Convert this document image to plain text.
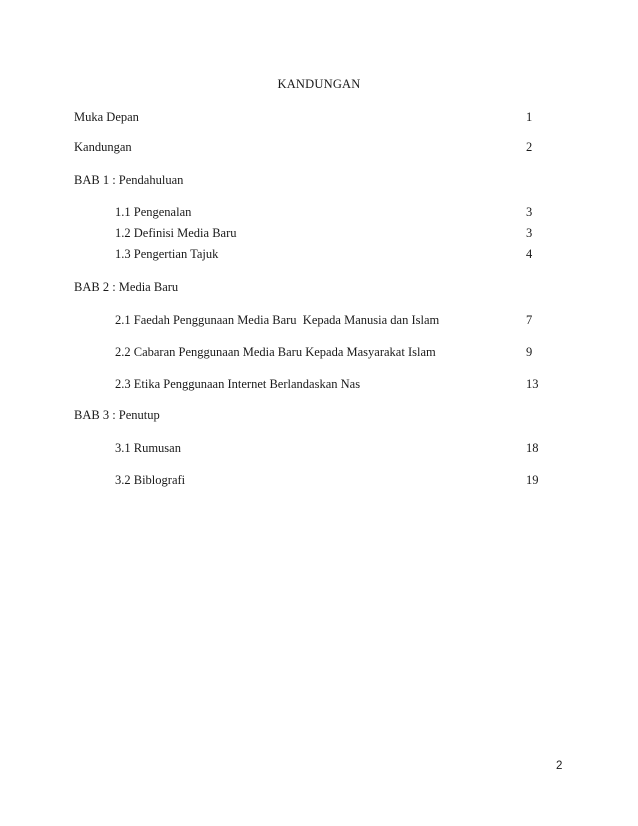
KANDUNGAN
Muka Depan	1
Kandungan	2
BAB 1 : Pendahuluan
1.1 Pengenalan	3
1.2 Definisi Media Baru	3
1.3 Pengertian Tajuk	4
BAB 2 : Media Baru
2.1 Faedah Penggunaan Media Baru  Kepada Manusia dan Islam	7
2.2 Cabaran Penggunaan Media Baru Kepada Masyarakat Islam	9
2.3 Etika Penggunaan Internet Berlandaskan Nas	13
BAB 3 : Penutup
3.1 Rumusan	18
3.2 Biblografi	19
2
